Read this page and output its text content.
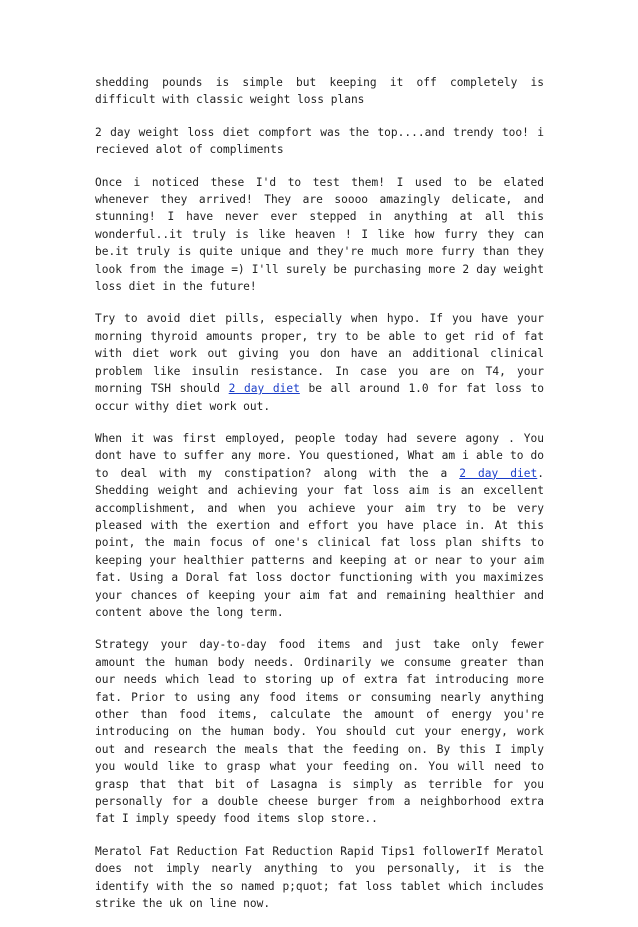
shedding pounds is simple but keeping it off completely is difficult with classic weight loss plans

2 day weight loss diet compfort was the top....and trendy too! i recieved alot of compliments

Once i noticed these I'd to test them! I used to be elated whenever they arrived! They are soooo amazingly delicate, and stunning! I have never ever stepped in anything at all this wonderful..it truly is like heaven ! I like how furry they can be.it truly is quite unique and they're much more furry than they look from the image =) I'll surely be purchasing more 2 day weight loss diet in the future!

Try to avoid diet pills, especially when hypo. If you have your morning thyroid amounts proper, try to be able to get rid of fat with diet work out giving you don have an additional clinical problem like insulin resistance. In case you are on T4, your morning TSH should 2 day diet be all around 1.0 for fat loss to occur withy diet work out.

When it was first employed, people today had severe agony . You dont have to suffer any more. You questioned, What am i able to do to deal with my constipation? along with the a 2 day diet. Shedding weight and achieving your fat loss aim is an excellent accomplishment, and when you achieve your aim try to be very pleased with the exertion and effort you have place in. At this point, the main focus of one's clinical fat loss plan shifts to keeping your healthier patterns and keeping at or near to your aim fat. Using a Doral fat loss doctor functioning with you maximizes your chances of keeping your aim fat and remaining healthier and content above the long term.

Strategy your day-to-day food items and just take only fewer amount the human body needs. Ordinarily we consume greater than our needs which lead to storing up of extra fat introducing more fat. Prior to using any food items or consuming nearly anything other than food items, calculate the amount of energy you're introducing on the human body. You should cut your energy, work out and research the meals that the feeding on. By this I imply you would like to grasp what your feeding on. You will need to grasp that that bit of Lasagna is simply as terrible for you personally for a double cheese burger from a neighborhood extra fat I imply speedy food items slop store..

Meratol Fat Reduction Fat Reduction Rapid Tips1 followerIf Meratol does not imply nearly anything to you personally, it is the identify with the so named p;quot; fat loss tablet which includes strike the uk on line now.
